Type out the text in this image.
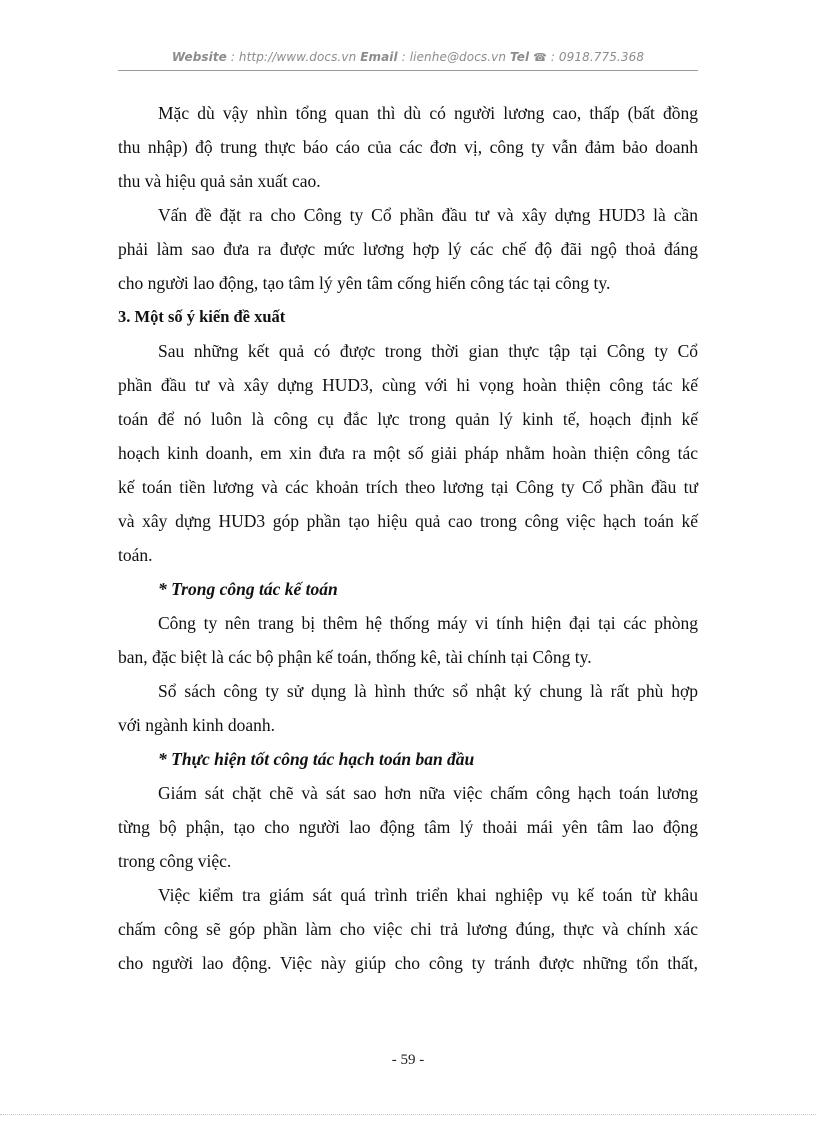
Website : http://www.docs.vn Email : lienhe@docs.vn Tel ☎ : 0918.775.368
Mặc dù vậy nhìn tổng quan thì dù có người lương cao, thấp (bất đồng
thu nhập) độ trung thực báo cáo của các đơn vị, công ty vẫn đảm bảo doanh
thu và hiệu quả sản xuất cao.
Vấn đề đặt ra cho Công ty Cổ phần đầu tư và xây dựng HUD3 là cần
phải làm sao đưa ra được mức lương hợp lý các chế độ đãi ngộ thoả đáng
cho người lao động, tạo tâm lý yên tâm cống hiến công tác tại công ty.
3. Một số ý kiến đề xuất
Sau những kết quả có được trong thời gian thực tập tại Công ty Cổ
phần đầu tư và xây dựng HUD3, cùng với hi vọng hoàn thiện công tác kế
toán để nó luôn là công cụ đắc lực trong quản lý kinh tế, hoạch định kế
hoạch kinh doanh, em xin đưa ra một số giải pháp nhằm hoàn thiện công tác
kế toán tiền lương và các khoản trích theo lương tại Công ty Cổ phần đầu tư
và xây dựng HUD3 góp phần tạo hiệu quả cao trong công việc hạch toán kế
toán.
* Trong công tác kế toán
Công ty nên trang bị thêm hệ thống máy vi tính hiện đại tại các phòng
ban, đặc biệt là các bộ phận kế toán, thống kê, tài chính tại Công ty.
Sổ sách công ty sử dụng là hình thức sổ nhật ký chung là rất phù hợp
với ngành kinh doanh.
* Thực hiện tốt công tác hạch toán ban đầu
Giám sát chặt chẽ và sát sao hơn nữa việc chấm công hạch toán lương
từng bộ phận, tạo cho người lao động tâm lý thoải mái yên tâm lao động
trong công việc.
Việc kiểm tra giám sát quá trình triển khai nghiệp vụ kế toán từ khâu
chấm công sẽ góp phần làm cho việc chi trả lương đúng, thực và chính xác
cho người lao động. Việc này giúp cho công ty tránh được những tổn thất,
- 59 -
